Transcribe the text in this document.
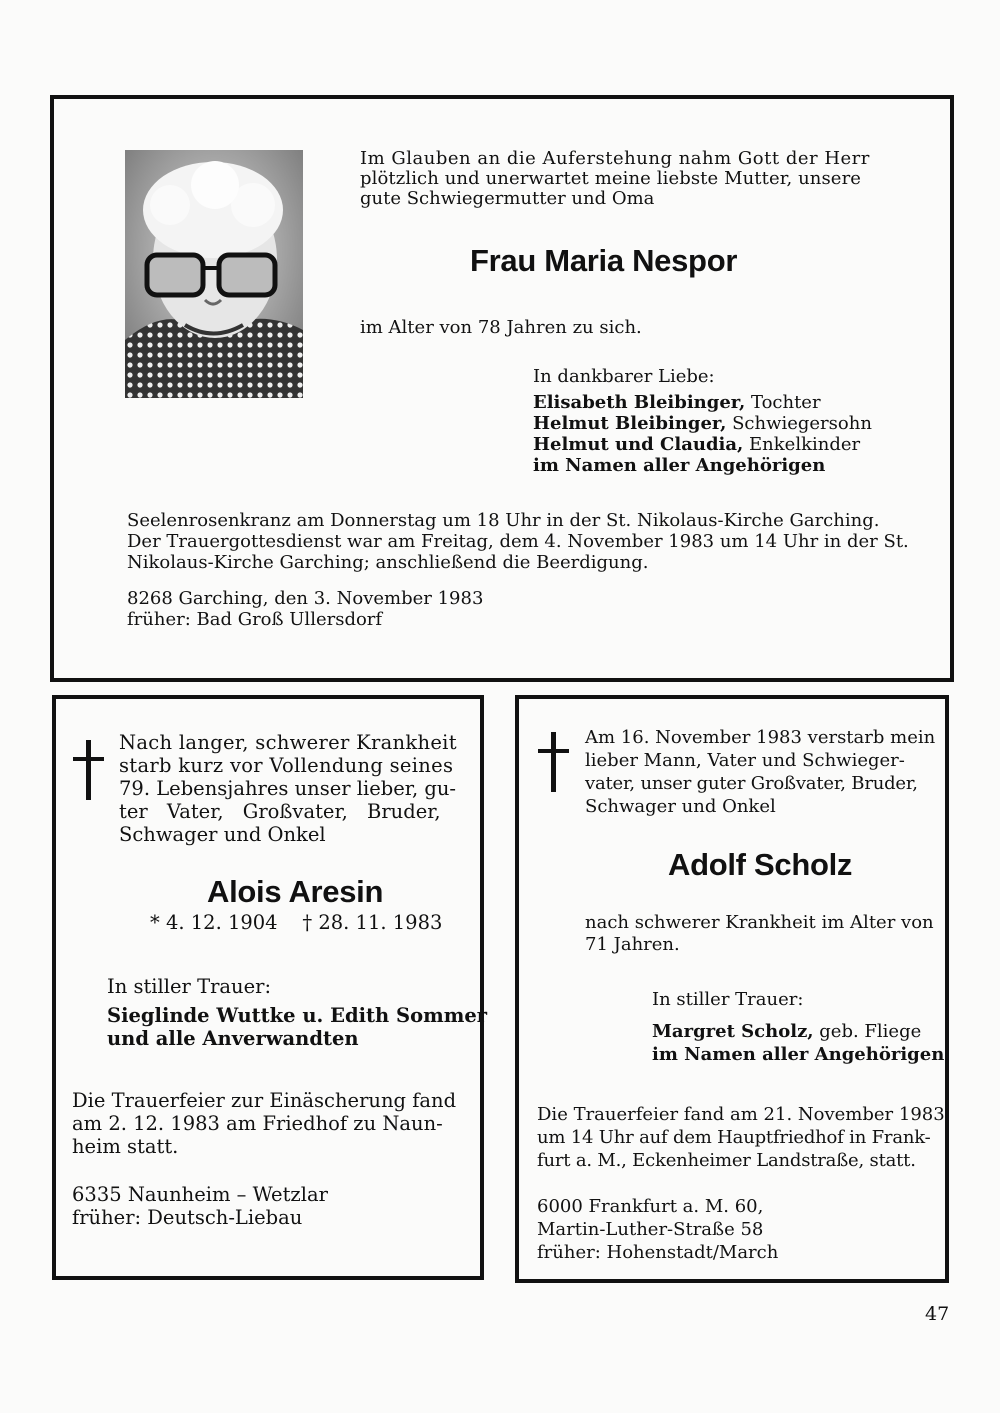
Im Glauben an die Auferstehung nahm Gott der Herr

plötzlich und unerwartet meine liebste Mutter, unsere

gute Schwiegermutter und Oma

Frau Maria Nespor

im Alter von 78 Jahren zu sich.

In dankbarer Liebe:

Elisabeth Bleibinger, Tochter

Helmut Bleibinger, Schwiegersohn

Helmut und Claudia, Enkelkinder

im Namen aller Angehörigen

Seelenrosenkranz am Donnerstag um 18 Uhr in der St. Nikolaus-Kirche Garching.

Der Trauergottesdienst war am Freitag, dem 4. November 1983 um 14 Uhr in der St.

Nikolaus-Kirche Garching; anschließend die Beerdigung.

8268 Garching, den 3. November 1983

früher: Bad Groß Ullersdorf

Nach langer, schwerer Krankheit

starb kurz vor Vollendung seines

79. Lebensjahres unser lieber, gu-

ter Vater, Großvater, Bruder,

Schwager und Onkel

Alois Aresin

* 4. 12. 1904    † 28. 11. 1983

In stiller Trauer:

Sieglinde Wuttke u. Edith Sommer

und alle Anverwandten

Die Trauerfeier zur Einäscherung fand

am 2. 12. 1983 am Friedhof zu Naun-

heim statt.

6335 Naunheim – Wetzlar

früher: Deutsch-Liebau

Am 16. November 1983 verstarb mein

lieber Mann, Vater und Schwieger-

vater, unser guter Großvater, Bruder,

Schwager und Onkel

Adolf Scholz

nach schwerer Krankheit im Alter von

71 Jahren.

In stiller Trauer:

Margret Scholz, geb. Fliege

im Namen aller Angehörigen

Die Trauerfeier fand am 21. November 1983

um 14 Uhr auf dem Hauptfriedhof in Frank-

furt a. M., Eckenheimer Landstraße, statt.

6000 Frankfurt a. M. 60,

Martin-Luther-Straße 58

früher: Hohenstadt/March

47
